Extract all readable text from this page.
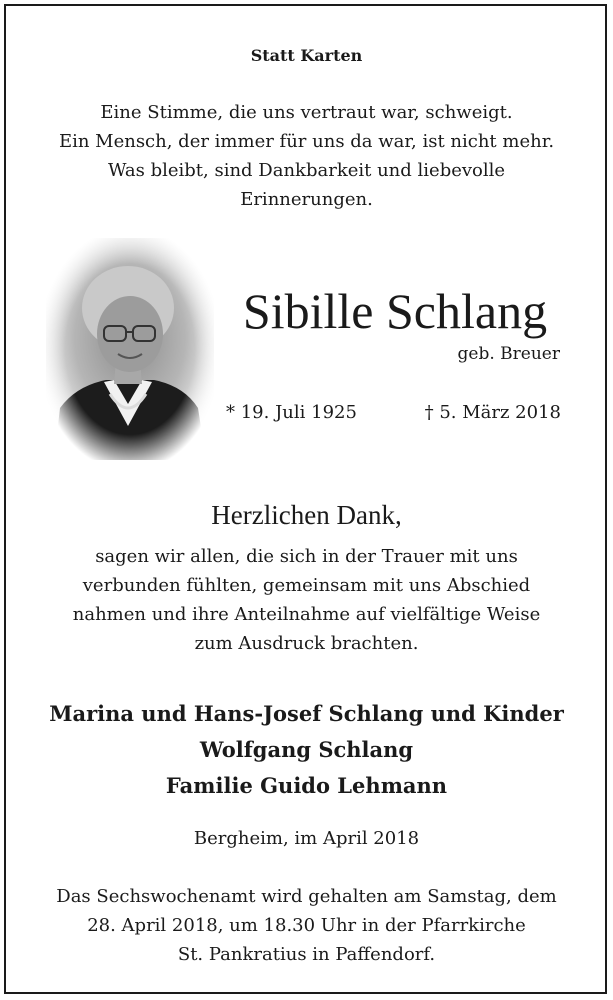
Statt Karten
Eine Stimme, die uns vertraut war, schweigt.
Ein Mensch, der immer für uns da war, ist nicht mehr.
Was bleibt, sind Dankbarkeit und liebevolle
Erinnerungen.
Sibille Schlang
geb. Breuer
* 19. Juli 1925	† 5. März 2018
Herzlichen Dank,
sagen wir allen, die sich in der Trauer mit uns
verbunden fühlten, gemeinsam mit uns Abschied
nahmen und ihre Anteilnahme auf vielfältige Weise
zum Ausdruck brachten.
Marina und Hans-Josef Schlang und Kinder
Wolfgang Schlang
Familie Guido Lehmann
Bergheim, im April 2018
Das Sechswochenamt wird gehalten am Samstag, dem
28. April 2018, um 18.30 Uhr in der Pfarrkirche
St. Pankratius in Paffendorf.
